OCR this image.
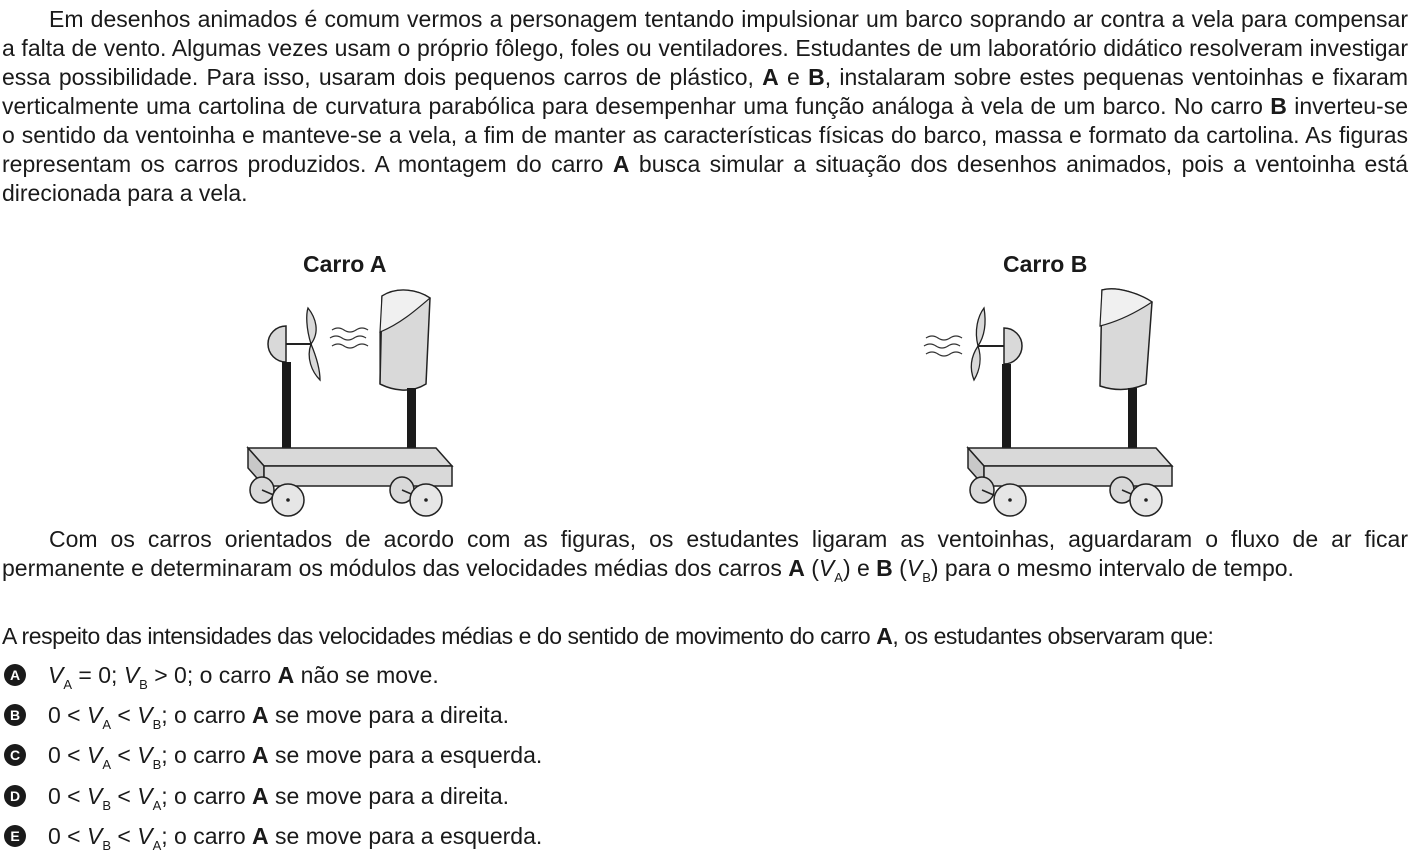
Em desenhos animados é comum vermos a personagem tentando impulsionar um barco soprando ar contra a vela para compensar a falta de vento. Algumas vezes usam o próprio fôlego, foles ou ventiladores. Estudantes de um laboratório didático resolveram investigar essa possibilidade. Para isso, usaram dois pequenos carros de plástico, A e B, instalaram sobre estes pequenas ventoinhas e fixaram verticalmente uma cartolina de curvatura parabólica para desempenhar uma função análoga à vela de um barco. No carro B inverteu-se o sentido da ventoinha e manteve-se a vela, a fim de manter as características físicas do barco, massa e formato da cartolina. As figuras representam os carros produzidos. A montagem do carro A busca simular a situação dos desenhos animados, pois a ventoinha está direcionada para a vela.

Carro A	Carro B

Com os carros orientados de acordo com as figuras, os estudantes ligaram as ventoinhas, aguardaram o fluxo de ar ficar permanente e determinaram os módulos das velocidades médias dos carros A $(V_A)$ e B $(V_B)$ para o mesmo intervalo de tempo.

A respeito das intensidades das velocidades médias e do sentido de movimento do carro A, os estudantes observaram que:

A $V_A = 0$; $V_B > 0$; o carro A não se move.
B $0 < V_A < V_B$; o carro A se move para a direita.
C $0 < V_A < V_B$; o carro A se move para a esquerda.
D $0 < V_B < V_A$; o carro A se move para a direita.
E $0 < V_B < V_A$; o carro A se move para a esquerda.
